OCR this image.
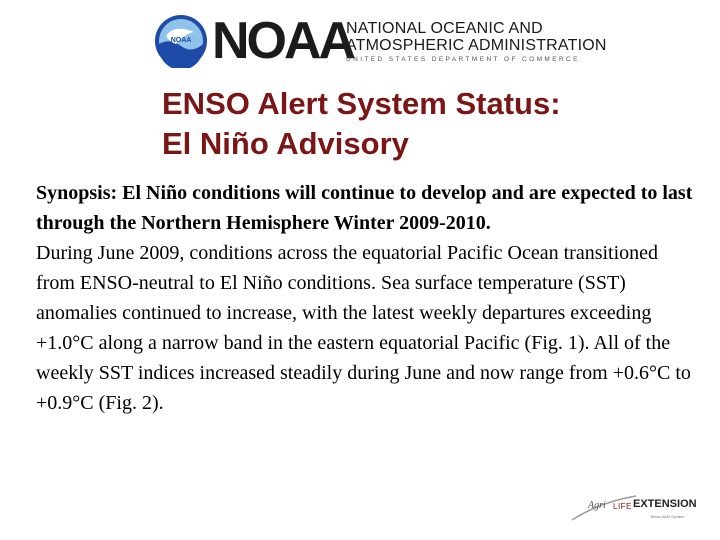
NOAA NOAA
NATIONAL OCEANIC AND
ATMOSPHERIC ADMINISTRATION
UNITED STATES DEPARTMENT OF COMMERCE
ENSO Alert System Status:
El Niño Advisory
Synopsis: El Niño conditions will continue to develop and are expected to last through the Northern Hemisphere Winter 2009-2010.
During June 2009, conditions across the equatorial Pacific Ocean transitioned from ENSO-neutral to El Niño conditions. Sea surface temperature (SST) anomalies continued to increase, with the latest weekly departures exceeding +1.0°C along a narrow band in the eastern equatorial Pacific (Fig. 1). All of the weekly SST indices increased steadily during June and now range from +0.6°C to +0.9°C (Fig. 2).
Agri LIFE EXTENSION
Texas A&M System
